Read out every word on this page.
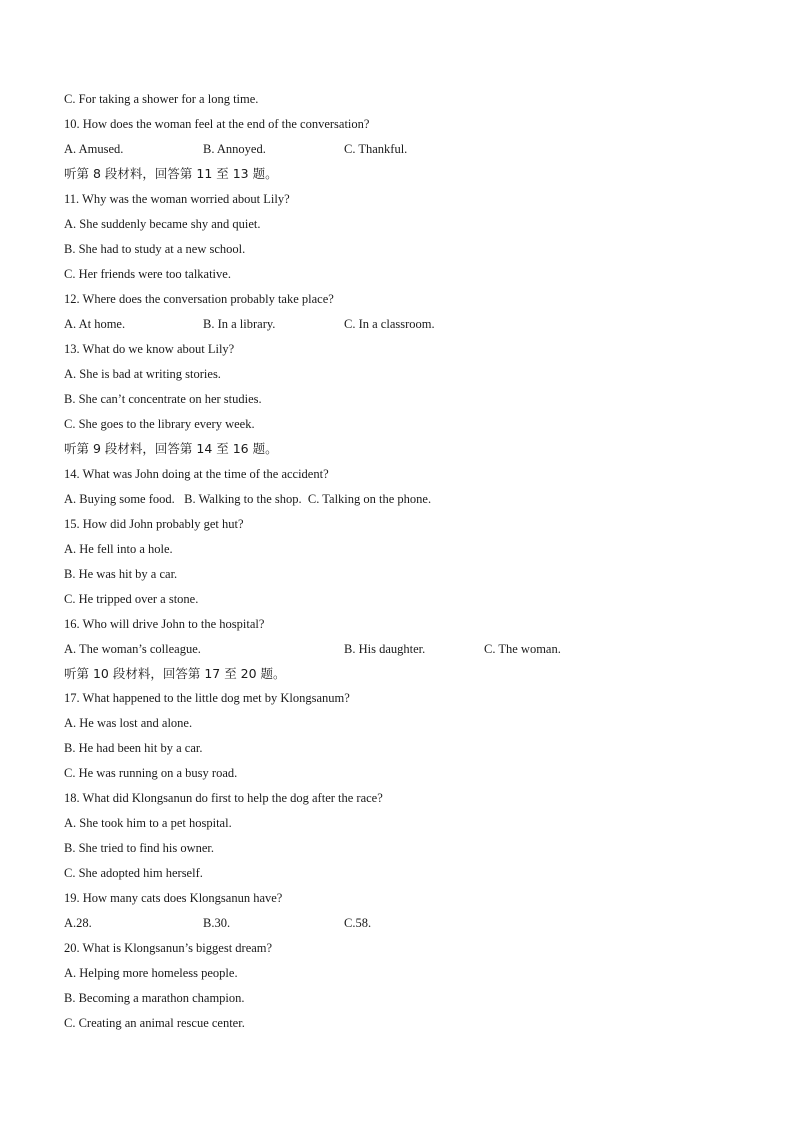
C. For taking a shower for a long time.
10. How does the woman feel at the end of the conversation?
A. Amused.	B. Annoyed.	C. Thankful.
听第 8 段材料，回答第 11 至 13 题。
11. Why was the woman worried about Lily?
A. She suddenly became shy and quiet.
B. She had to study at a new school.
C. Her friends were too talkative.
12. Where does the conversation probably take place?
A. At home.	B. In a library.	C. In a classroom.
13. What do we know about Lily?
A. She is bad at writing stories.
B. She can’t concentrate on her studies.
C. She goes to the library every week.
听第 9 段材料，回答第 14 至 16 题。
14. What was John doing at the time of the accident?
A. Buying some food.   B. Walking to the shop.  C. Talking on the phone.
15. How did John probably get hut?
A. He fell into a hole.
B. He was hit by a car.
C. He tripped over a stone.
16. Who will drive John to the hospital?
A. The woman’s colleague.	B. His daughter.	C. The woman.
听第 10 段材料，回答第 17 至 20 题。
17. What happened to the little dog met by Klongsanum?
A. He was lost and alone.
B. He had been hit by a car.
C. He was running on a busy road.
18. What did Klongsanun do first to help the dog after the race?
A. She took him to a pet hospital.
B. She tried to find his owner.
C. She adopted him herself.
19. How many cats does Klongsanun have?
A.28.	B.30.	C.58.
20. What is Klongsanun’s biggest dream?
A. Helping more homeless people.
B. Becoming a marathon champion.
C. Creating an animal rescue center.
